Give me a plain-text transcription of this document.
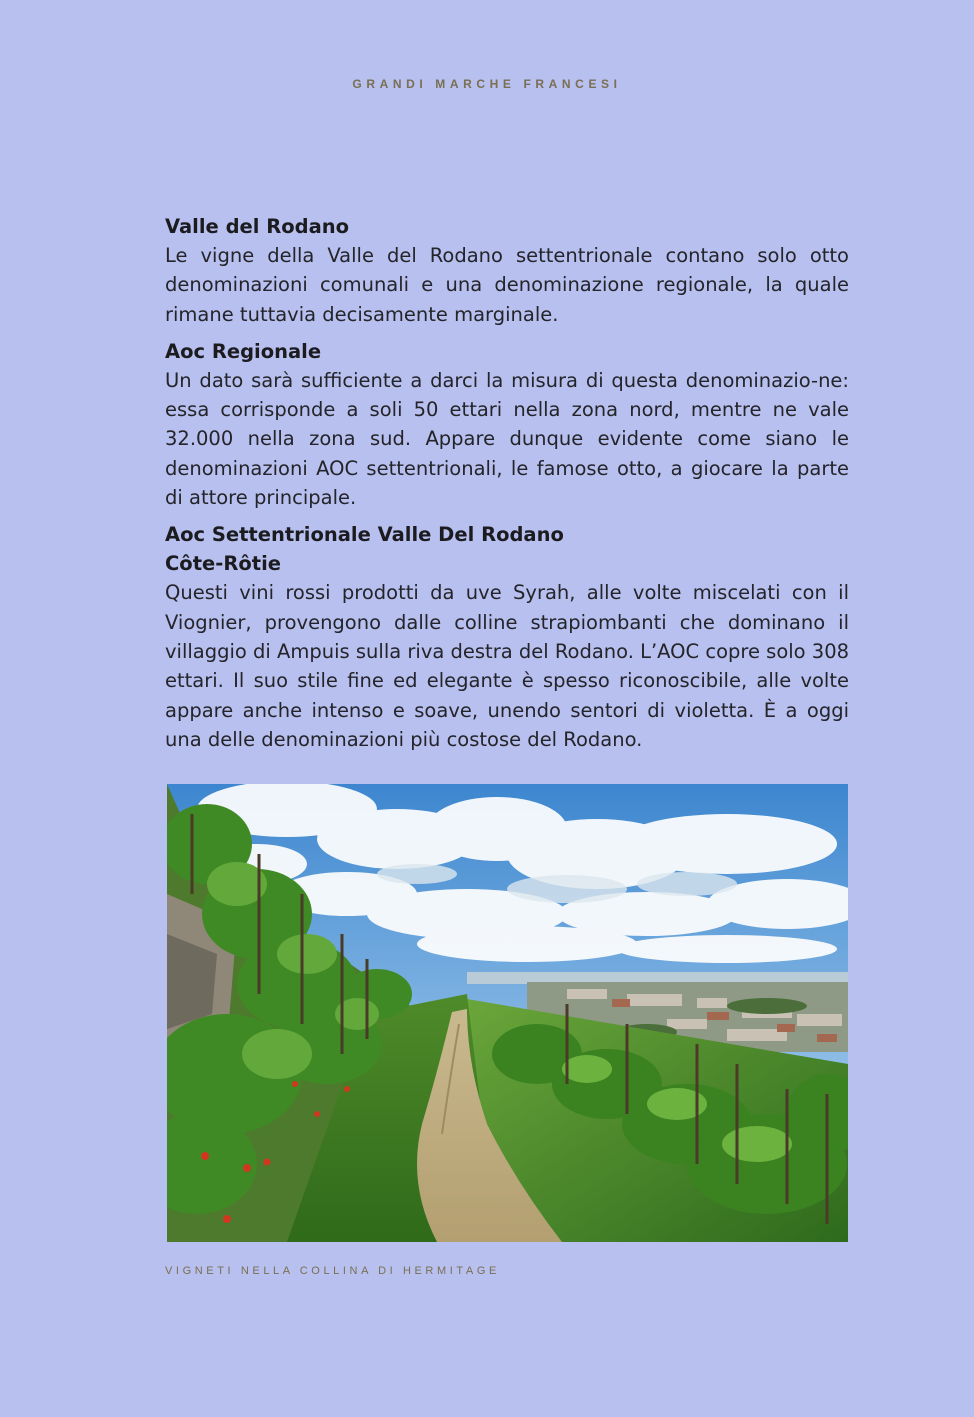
GRANDI MARCHE FRANCESI
Valle del Rodano
Le vigne della Valle del Rodano settentrionale contano solo otto denominazioni comunali e una denominazione regionale, la quale rimane tuttavia decisamente marginale.
Aoc Regionale
Un dato sarà sufficiente a darci la misura di questa denominazio-ne: essa corrisponde a soli 50 ettari nella zona nord, mentre ne vale 32.000 nella zona sud. Appare dunque evidente come siano le denominazioni AOC settentrionali, le famose otto, a giocare la parte di attore principale.
Aoc Settentrionale Valle Del Rodano
Côte-Rôtie
Questi vini rossi prodotti da uve Syrah, alle volte miscelati con il Viognier, provengono dalle colline strapiombanti che dominano il villaggio di Ampuis sulla riva destra del Rodano. L’AOC copre solo 308 ettari. Il suo stile fine ed elegante è spesso riconoscibile, alle volte appare anche intenso e soave, unendo sentori di violetta. È a oggi una delle denominazioni più costose del Rodano.
VIGNETI NELLA COLLINA DI HERMITAGE
